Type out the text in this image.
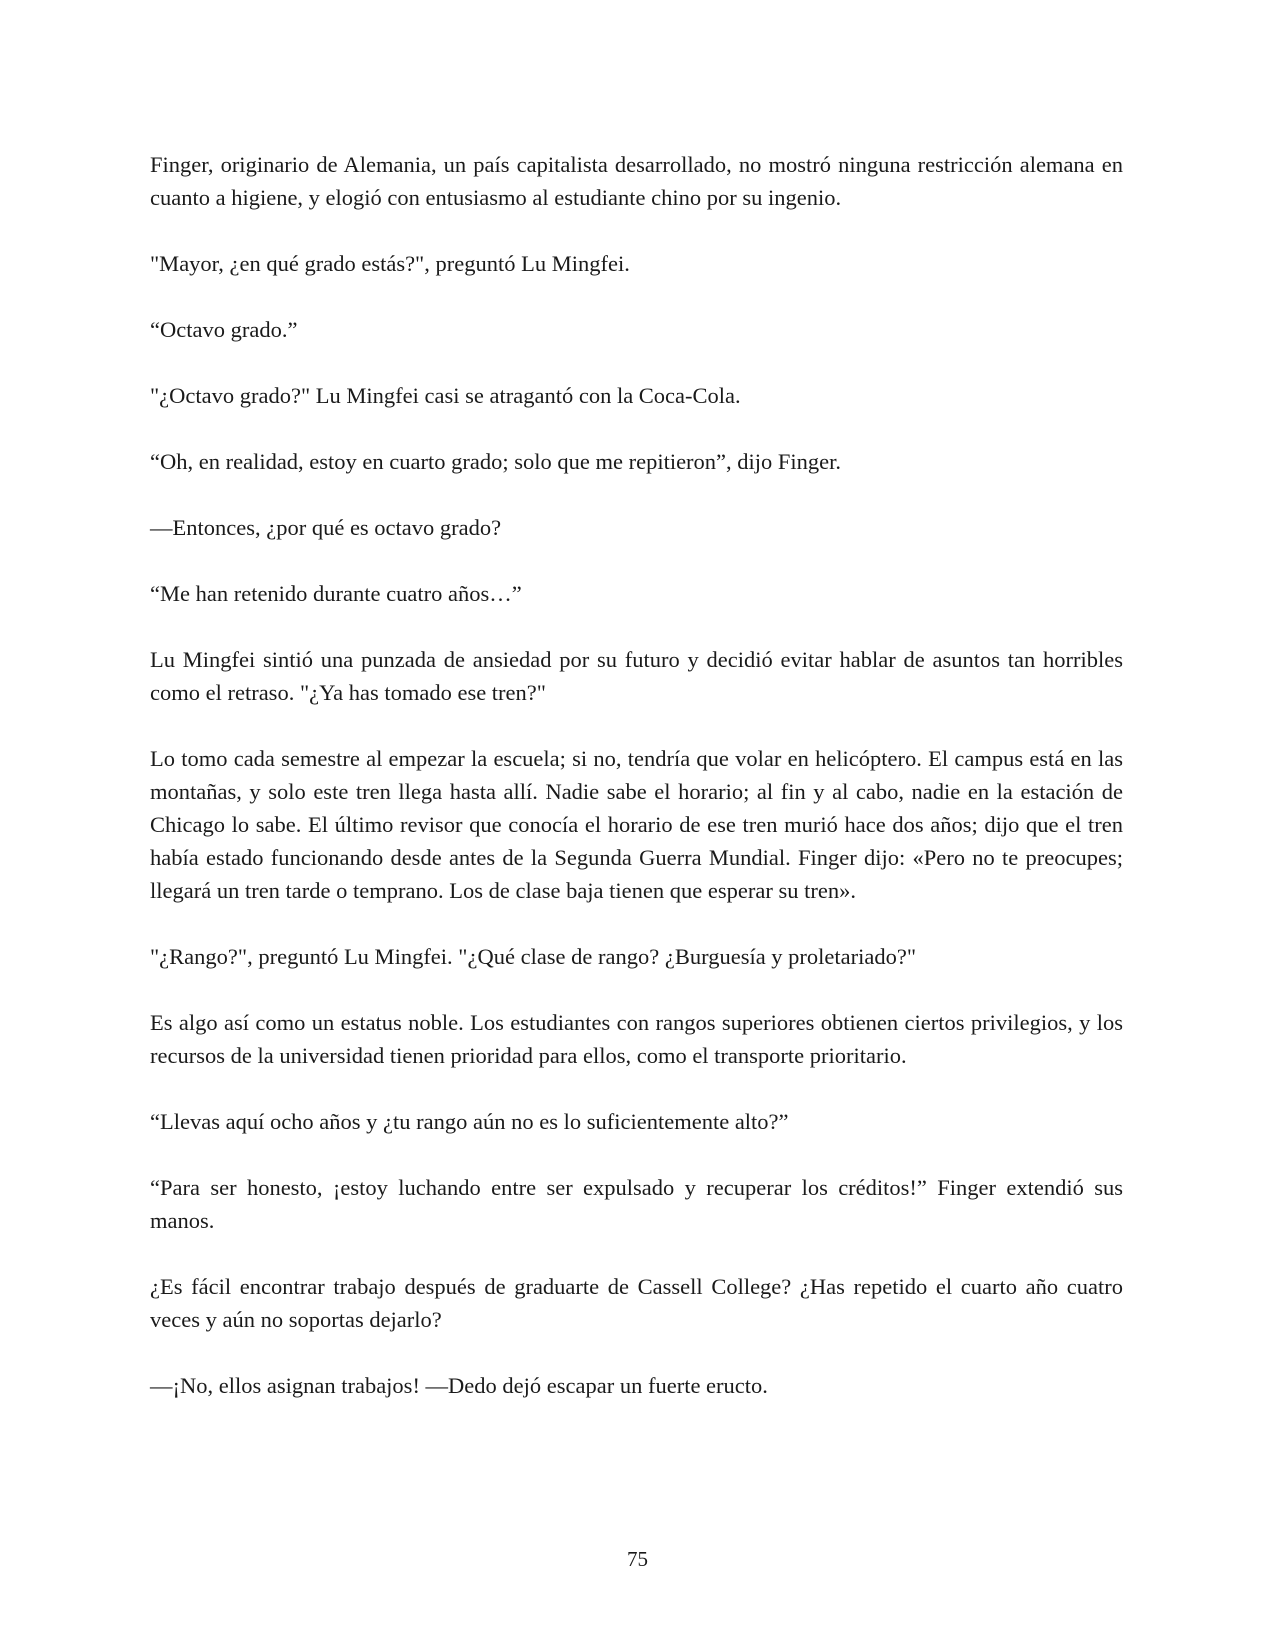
Finger, originario de Alemania, un país capitalista desarrollado, no mostró ninguna restricción alemana en cuanto a higiene, y elogió con entusiasmo al estudiante chino por su ingenio.

"Mayor, ¿en qué grado estás?", preguntó Lu Mingfei.

“Octavo grado.”

"¿Octavo grado?" Lu Mingfei casi se atragantó con la Coca-Cola.

“Oh, en realidad, estoy en cuarto grado; solo que me repitieron”, dijo Finger.

—Entonces, ¿por qué es octavo grado?

“Me han retenido durante cuatro años…”

Lu Mingfei sintió una punzada de ansiedad por su futuro y decidió evitar hablar de asuntos tan horribles como el retraso. "¿Ya has tomado ese tren?"

Lo tomo cada semestre al empezar la escuela; si no, tendría que volar en helicóptero. El campus está en las montañas, y solo este tren llega hasta allí. Nadie sabe el horario; al fin y al cabo, nadie en la estación de Chicago lo sabe. El último revisor que conocía el horario de ese tren murió hace dos años; dijo que el tren había estado funcionando desde antes de la Segunda Guerra Mundial. Finger dijo: «Pero no te preocupes; llegará un tren tarde o temprano. Los de clase baja tienen que esperar su tren».

"¿Rango?", preguntó Lu Mingfei. "¿Qué clase de rango? ¿Burguesía y proletariado?"

Es algo así como un estatus noble. Los estudiantes con rangos superiores obtienen ciertos privilegios, y los recursos de la universidad tienen prioridad para ellos, como el transporte prioritario.

“Llevas aquí ocho años y ¿tu rango aún no es lo suficientemente alto?”

“Para ser honesto, ¡estoy luchando entre ser expulsado y recuperar los créditos!” Finger extendió sus manos.

¿Es fácil encontrar trabajo después de graduarte de Cassell College? ¿Has repetido el cuarto año cuatro veces y aún no soportas dejarlo?

—¡No, ellos asignan trabajos! —Dedo dejó escapar un fuerte eructo.

75
